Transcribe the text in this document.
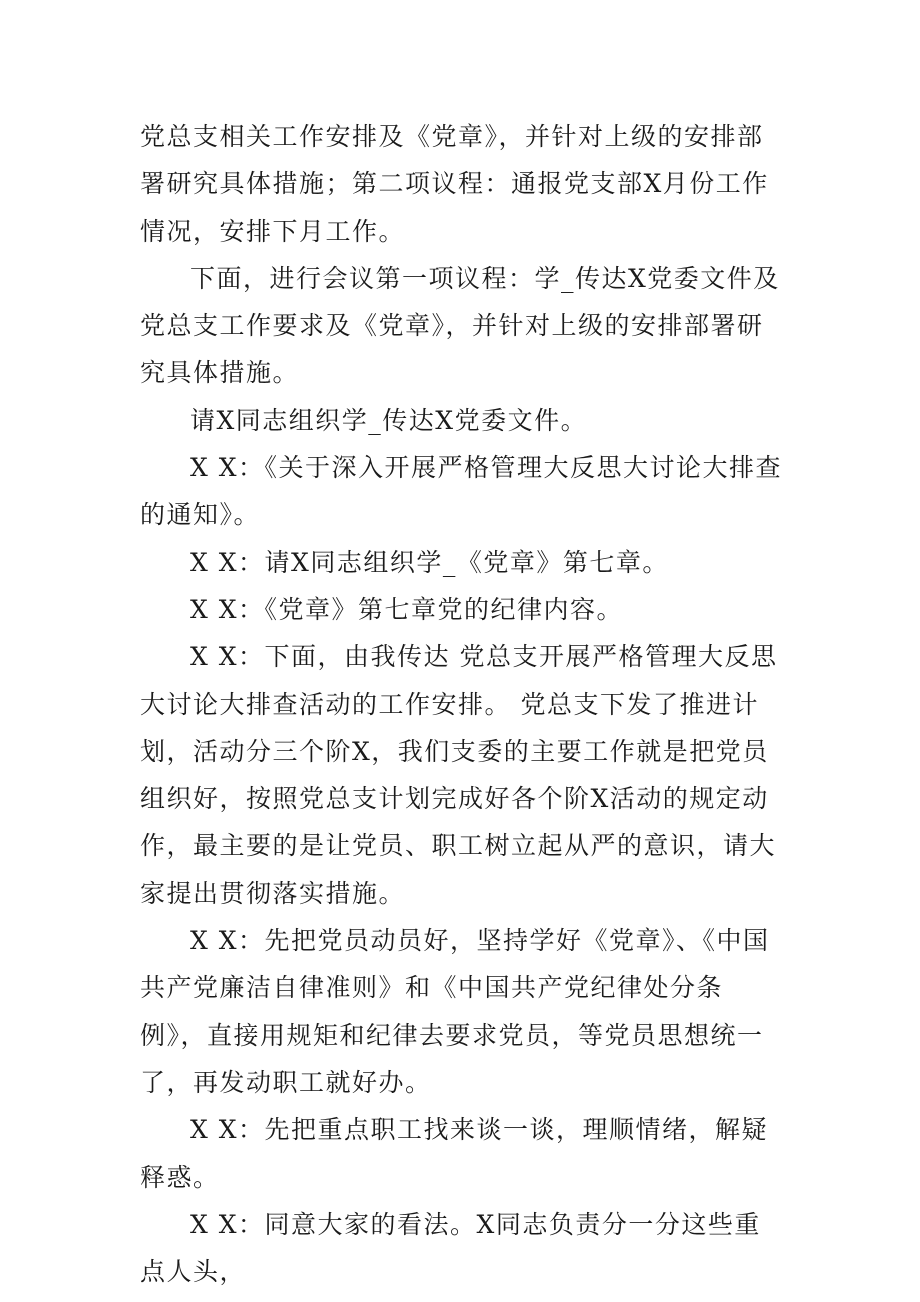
党总支相关工作安排及《党章》，并针对上级的安排部署研究具体措施；第二项议程：通报党支部X月份工作情况，安排下月工作。

下面，进行会议第一项议程：学_传达X党委文件及 党总支工作要求及《党章》，并针对上级的安排部署研究具体措施。

请X同志组织学_传达X党委文件。

X X：《关于深入开展严格管理大反思大讨论大排查的通知》。

X X：请X同志组织学_《党章》第七章。

X X：《党章》第七章党的纪律内容。

X X：下面，由我传达 党总支开展严格管理大反思大讨论大排查活动的工作安排。 党总支下发了推进计划，活动分三个阶X，我们支委的主要工作就是把党员组织好，按照党总支计划完成好各个阶X活动的规定动作，最主要的是让党员、职工树立起从严的意识，请大家提出贯彻落实措施。

X X：先把党员动员好，坚持学好《党章》、《中国共产党廉洁自律准则》和《中国共产党纪律处分条例》，直接用规矩和纪律去要求党员，等党员思想统一了，再发动职工就好办。

X X：先把重点职工找来谈一谈，理顺情绪，解疑释惑。

X X：同意大家的看法。X同志负责分一分这些重点人头，
